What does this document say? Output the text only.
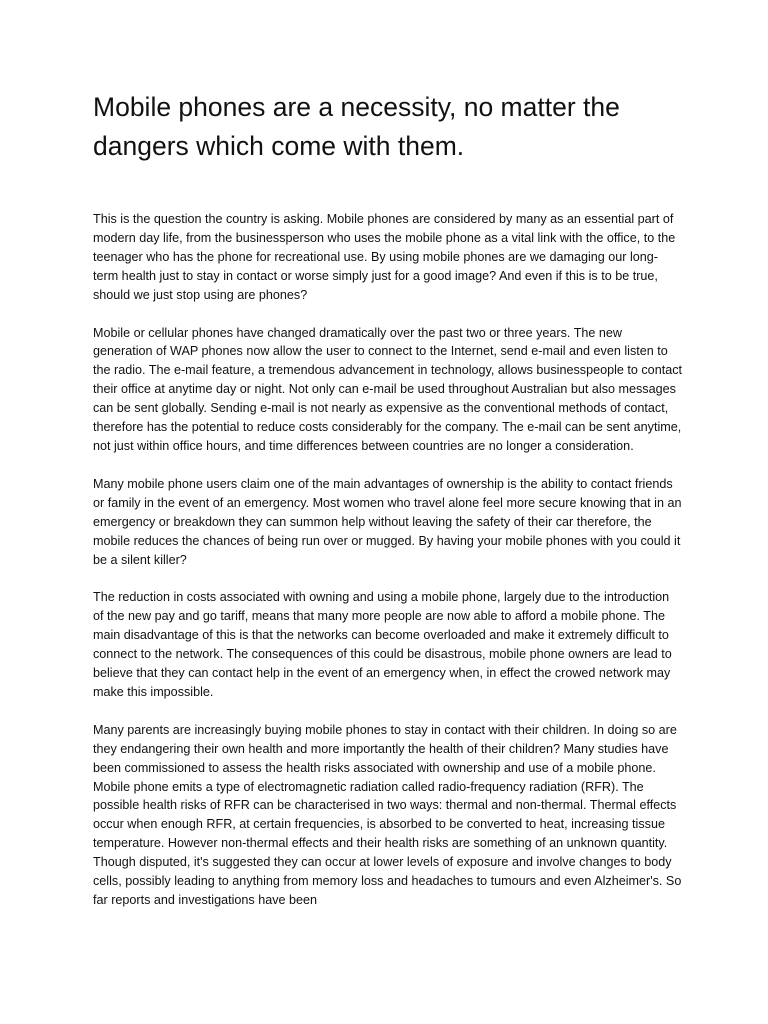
Mobile phones are a necessity, no matter the dangers which come with them.

This is the question the country is asking. Mobile phones are considered by many as an essential part of modern day life, from the businessperson who uses the mobile phone as a vital link with the office, to the teenager who has the phone for recreational use. By using mobile phones are we damaging our long-term health just to stay in contact or worse simply just for a good image? And even if this is to be true, should we just stop using are phones?

Mobile or cellular phones have changed dramatically over the past two or three years. The new generation of WAP phones now allow the user to connect to the Internet, send e-mail and even listen to the radio. The e-mail feature, a tremendous advancement in technology, allows businesspeople to contact their office at anytime day or night. Not only can e-mail be used throughout Australian but also messages can be sent globally. Sending e-mail is not nearly as expensive as the conventional methods of contact, therefore has the potential to reduce costs considerably for the company. The e-mail can be sent anytime, not just within office hours, and time differences between countries are no longer a consideration.

Many mobile phone users claim one of the main advantages of ownership is the ability to contact friends or family in the event of an emergency. Most women who travel alone feel more secure knowing that in an emergency or breakdown they can summon help without leaving the safety of their car therefore, the mobile reduces the chances of being run over or mugged. By having your mobile phones with you could it be a silent killer?

The reduction in costs associated with owning and using a mobile phone, largely due to the introduction of the new pay and go tariff, means that many more people are now able to afford a mobile phone. The main disadvantage of this is that the networks can become overloaded and make it extremely difficult to connect to the network. The consequences of this could be disastrous, mobile phone owners are lead to believe that they can contact help in the event of an emergency when, in effect the crowed network may make this impossible.

Many parents are increasingly buying mobile phones to stay in contact with their children. In doing so are they endangering their own health and more importantly the health of their children? Many studies have been commissioned to assess the health risks associated with ownership and use of a mobile phone. Mobile phone emits a type of electromagnetic radiation called radio-frequency radiation (RFR). The possible health risks of RFR can be characterised in two ways: thermal and non-thermal. Thermal effects occur when enough RFR, at certain frequencies, is absorbed to be converted to heat, increasing tissue temperature. However non-thermal effects and their health risks are something of an unknown quantity. Though disputed, it's suggested they can occur at lower levels of exposure and involve changes to body cells, possibly leading to anything from memory loss and headaches to tumours and even Alzheimer's. So far reports and investigations have been
